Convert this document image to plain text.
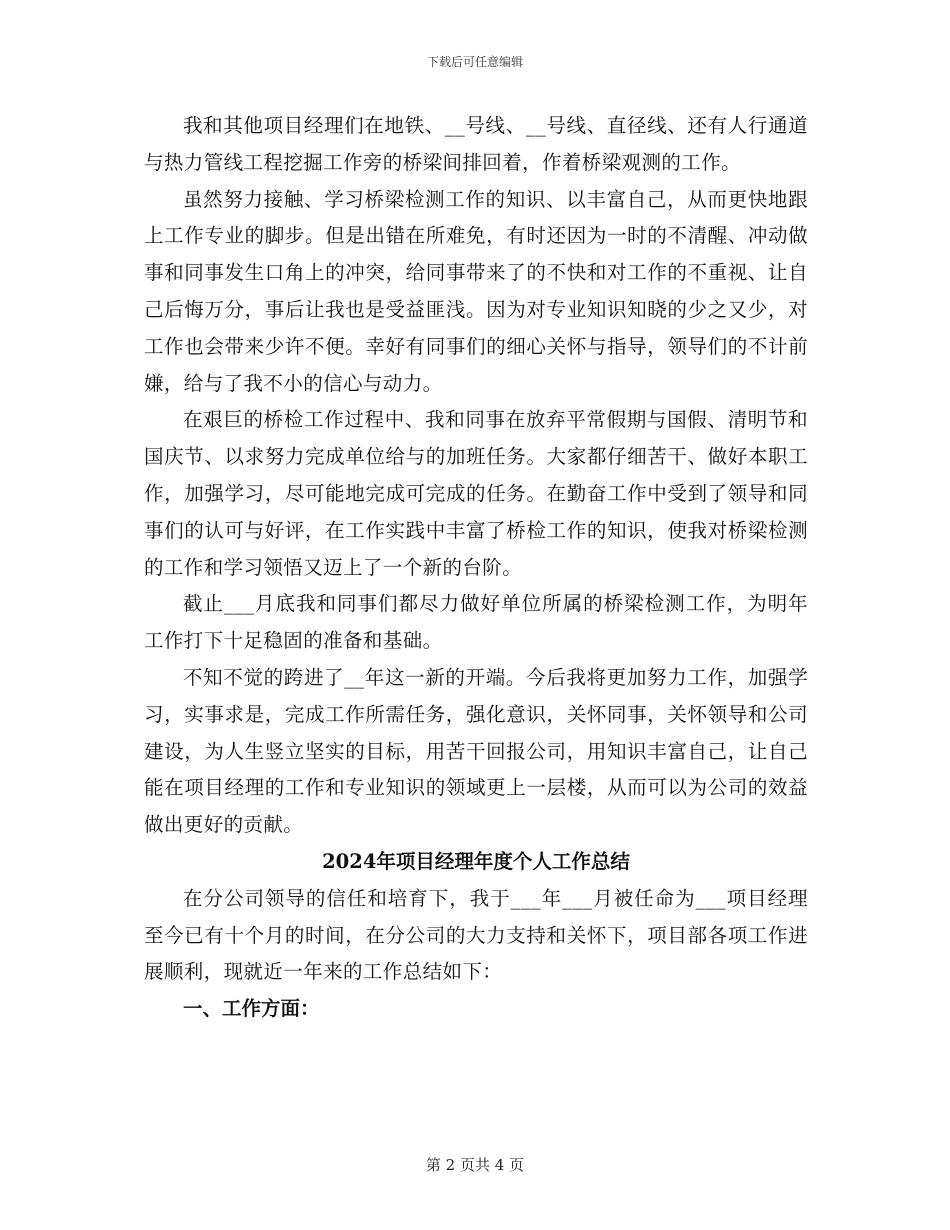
下载后可任意编辑

我和其他项目经理们在地铁、__号线、__号线、直径线、还有人行通道与热力管线工程挖掘工作旁的桥梁间排回着，作着桥梁观测的工作。

虽然努力接触、学习桥梁检测工作的知识、以丰富自己，从而更快地跟上工作专业的脚步。但是出错在所难免，有时还因为一时的不清醒、冲动做事和同事发生口角上的冲突，给同事带来了的不快和对工作的不重视、让自己后悔万分，事后让我也是受益匪浅。因为对专业知识知晓的少之又少，对工作也会带来少许不便。幸好有同事们的细心关怀与指导，领导们的不计前嫌，给与了我不小的信心与动力。

在艰巨的桥检工作过程中、我和同事在放弃平常假期与国假、清明节和国庆节、以求努力完成单位给与的加班任务。大家都仔细苦干、做好本职工作，加强学习，尽可能地完成可完成的任务。在勤奋工作中受到了领导和同事们的认可与好评，在工作实践中丰富了桥检工作的知识，使我对桥梁检测的工作和学习领悟又迈上了一个新的台阶。

截止___月底我和同事们都尽力做好单位所属的桥梁检测工作，为明年工作打下十足稳固的准备和基础。

不知不觉的跨进了__年这一新的开端。今后我将更加努力工作，加强学习，实事求是，完成工作所需任务，强化意识，关怀同事，关怀领导和公司建设，为人生竖立坚实的目标，用苦干回报公司，用知识丰富自己，让自己能在项目经理的工作和专业知识的领域更上一层楼，从而可以为公司的效益做出更好的贡献。

2024年项目经理年度个人工作总结

在分公司领导的信任和培育下，我于___年___月被任命为___项目经理至今已有十个月的时间，在分公司的大力支持和关怀下，项目部各项工作进展顺利，现就近一年来的工作总结如下：

一、工作方面：

第 2 页共 4 页
